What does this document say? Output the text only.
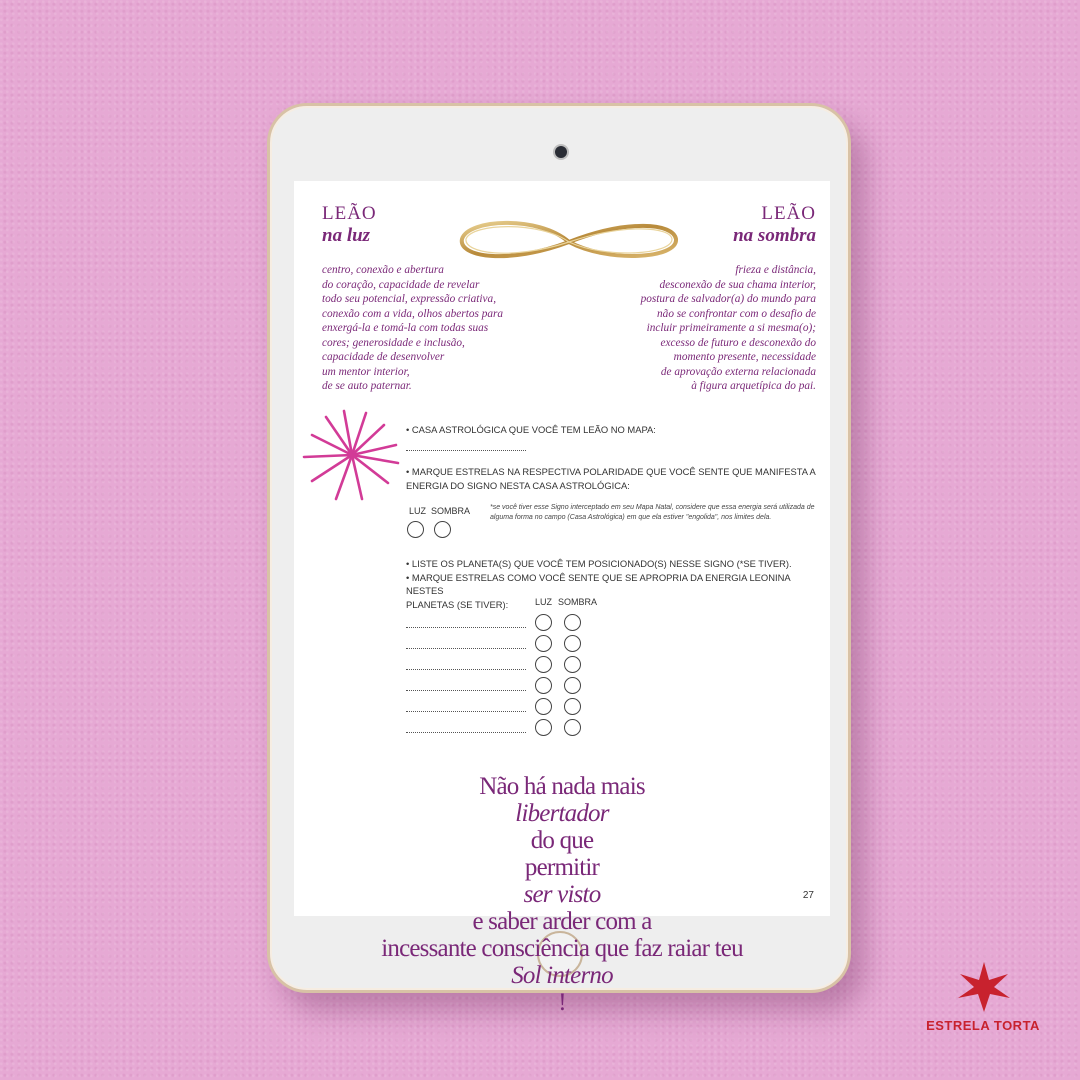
LEÃO
na luz
LEÃO
na sombra
centro, conexão e abertura
do coração, capacidade de revelar
todo seu potencial, expressão criativa,
conexão com a vida, olhos abertos para
enxergá-la e tomá-la com todas suas
cores; generosidade e inclusão,
capacidade de desenvolver
um mentor interior,
de se auto paternar.
frieza e distância,
desconexão de sua chama interior,
postura de salvador(a) do mundo para
não se confrontar com o desafio de
incluir primeiramente a si mesma(o);
excesso de futuro e desconexão do
momento presente, necessidade
de aprovação externa relacionada
à figura arquetípica do pai.
• CASA ASTROLÓGICA QUE VOCÊ TEM LEÃO NO MAPA:
• MARQUE ESTRELAS NA RESPECTIVA POLARIDADE QUE VOCÊ SENTE QUE MANIFESTA A
ENERGIA DO SIGNO NESTA CASA ASTROLÓGICA:
LUZ SOMBRA	*se você tiver esse Signo interceptado em seu Mapa Natal, considere que essa energia será utilizada de alguma forma no campo (Casa Astrológica) em que ela estiver "engolida", nos limites dela.
• LISTE OS PLANETA(S) QUE VOCÊ TEM POSICIONADO(S) NESSE SIGNO (*SE TIVER).
• MARQUE ESTRELAS COMO VOCÊ SENTE QUE SE APROPRIA DA ENERGIA LEONINA NESTES
PLANETAS (SE TIVER):	LUZ SOMBRA
Não há nada mais
libertador
do que
permitir
ser visto
e saber arder com a
incessante consciência que faz raiar teu
Sol interno
!
27
ESTRELA TORTA
